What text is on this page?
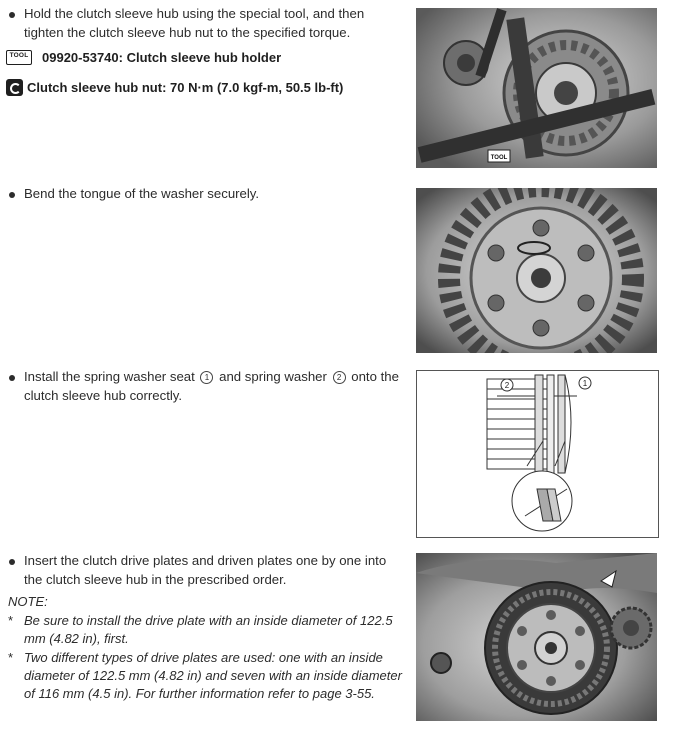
Hold the clutch sleeve hub using the special tool, and then tighten the clutch sleeve hub nut to the specified torque.
TOOL 09920-53740: Clutch sleeve hub holder
Clutch sleeve hub nut: 70 N·m (7.0 kgf-m, 50.5 lb-ft)
TOOL
Bend the tongue of the washer securely.
Install the spring washer seat 1 and spring washer 2 onto the clutch sleeve hub correctly.
2	1
Insert the clutch drive plates and driven plates one by one into the clutch sleeve hub in the prescribed order.
NOTE:
* Be sure to install the drive plate with an inside diameter of 122.5 mm (4.82 in), first.
* Two different types of drive plates are used: one with an inside diameter of 122.5 mm (4.82 in) and seven with an inside diameter of 116 mm (4.5 in). For further information refer to page 3-55.
